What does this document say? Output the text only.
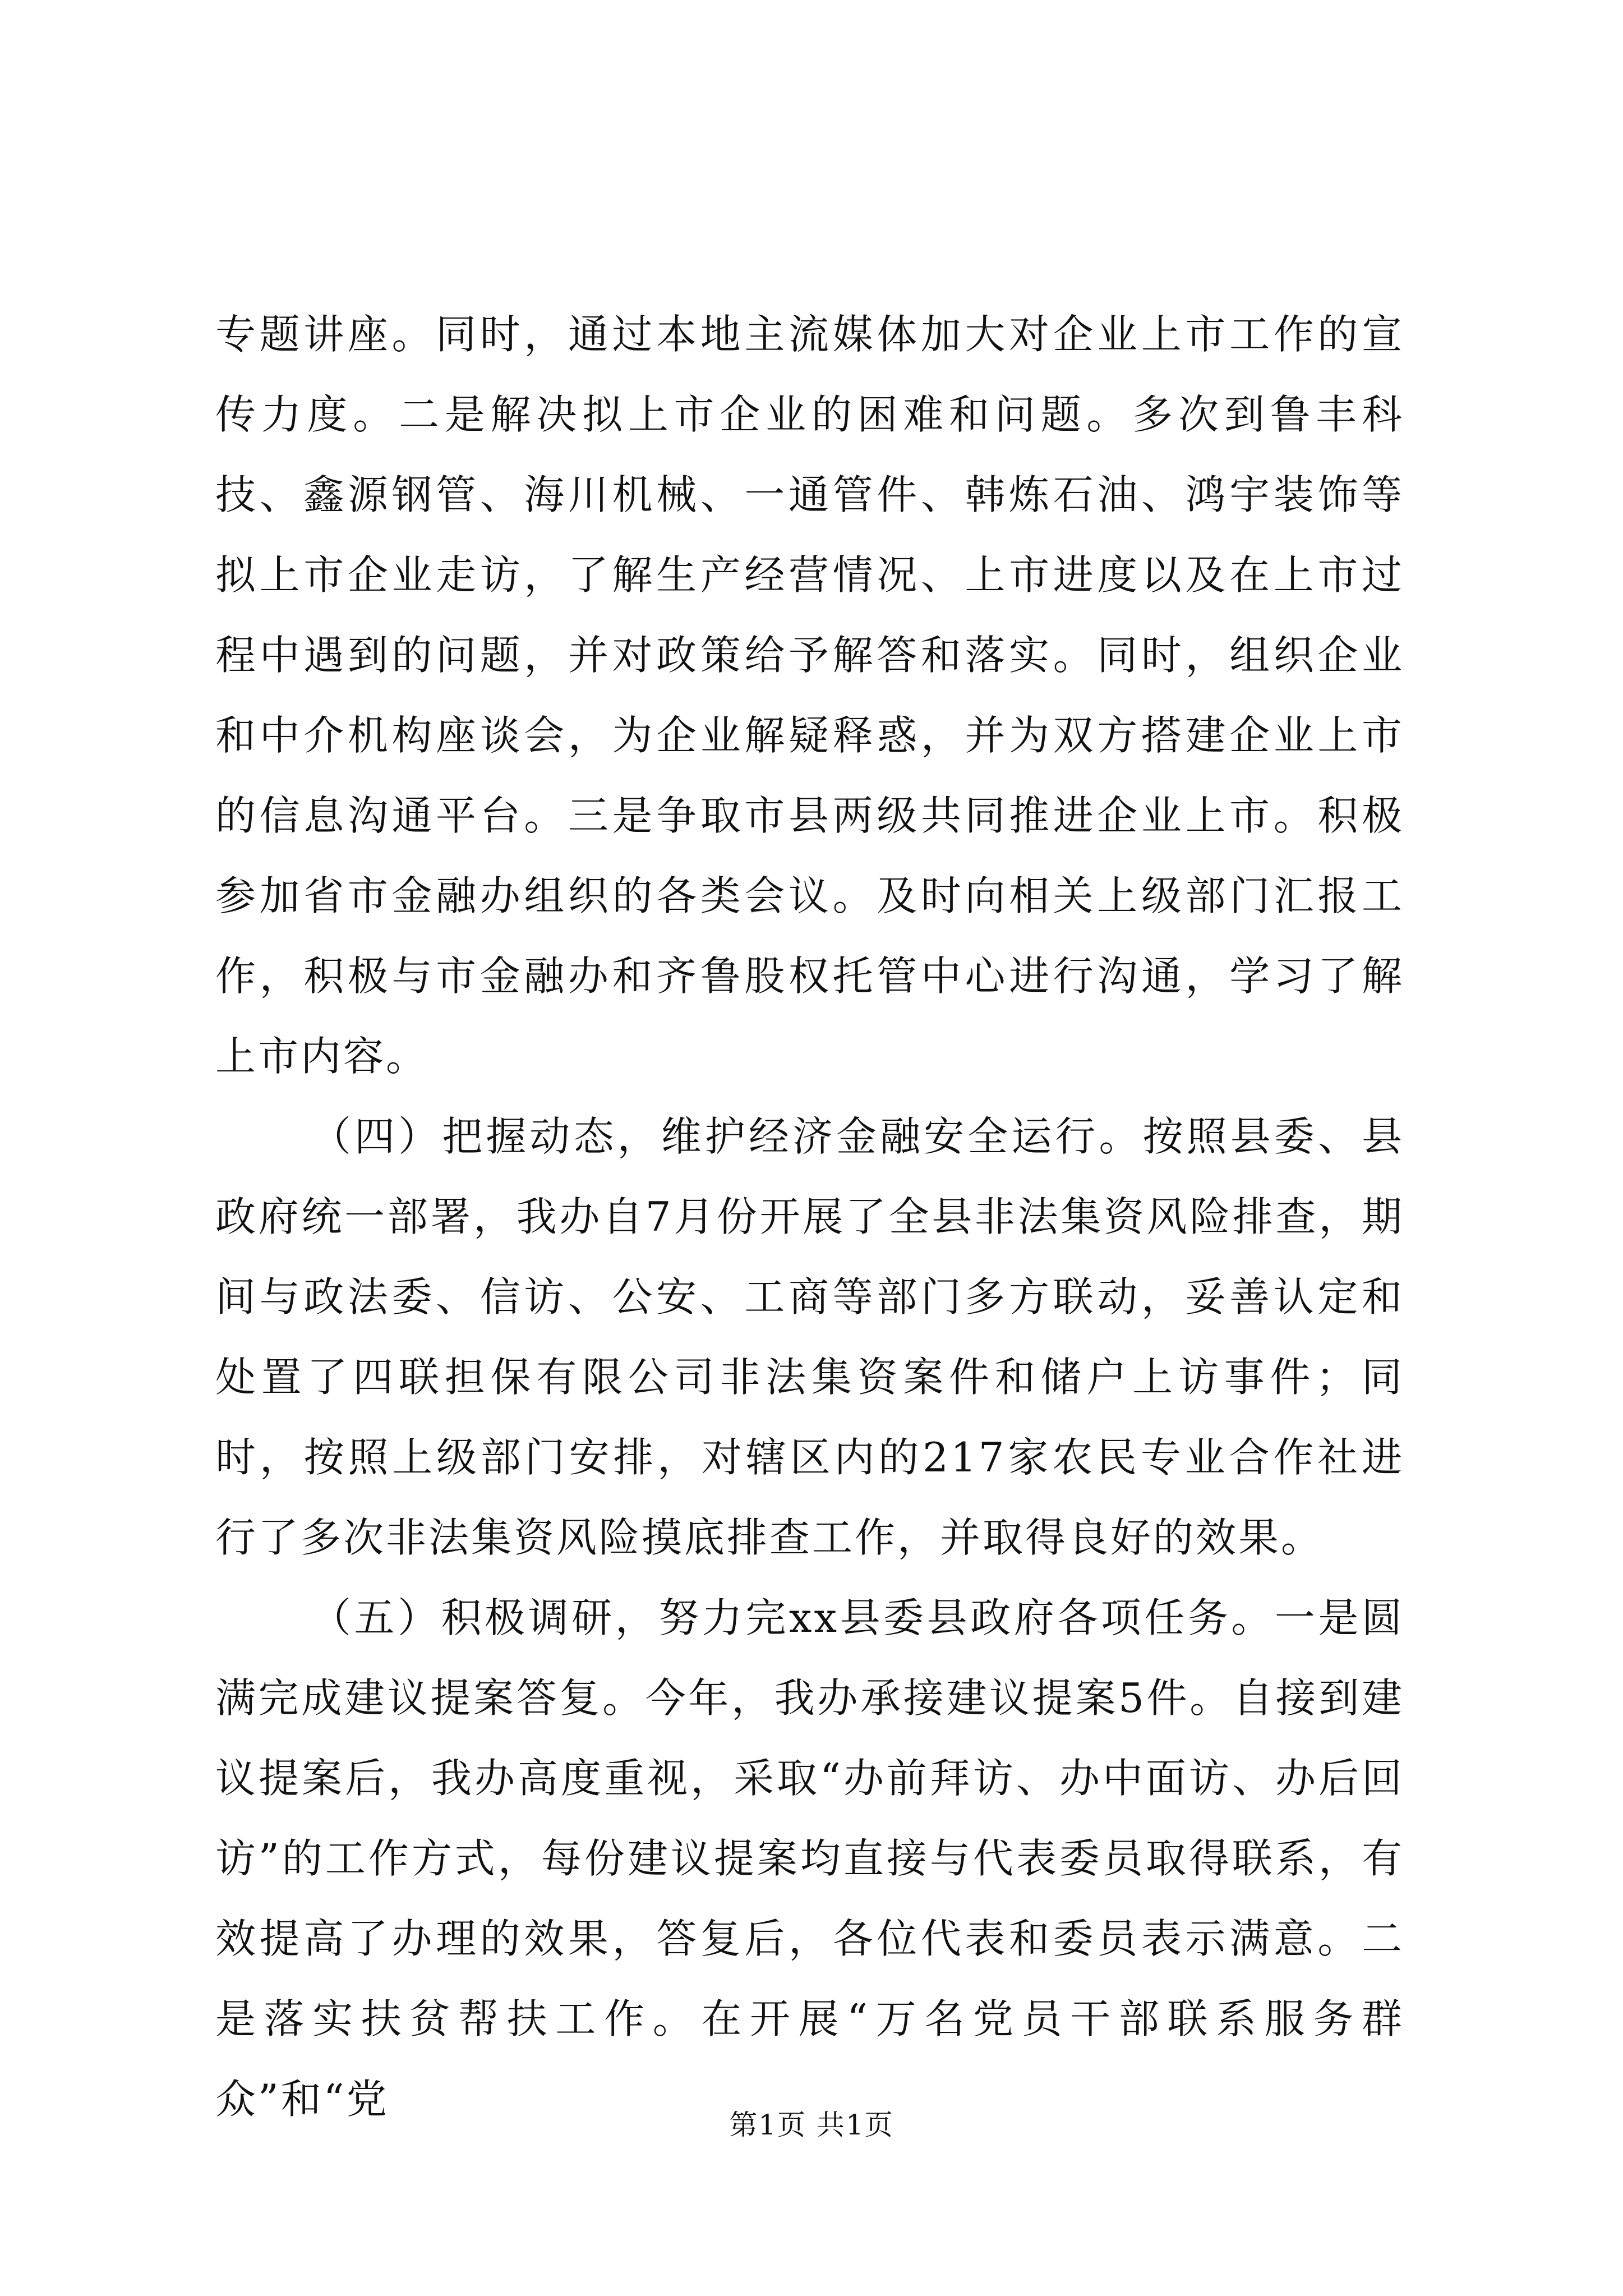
专题讲座。同时，通过本地主流媒体加大对企业上市工作的宣传力度。二是解决拟上市企业的困难和问题。多次到鲁丰科技、鑫源钢管、海川机械、一通管件、韩炼石油、鸿宇装饰等拟上市企业走访，了解生产经营情况、上市进度以及在上市过程中遇到的问题，并对政策给予解答和落实。同时，组织企业和中介机构座谈会，为企业解疑释惑，并为双方搭建企业上市的信息沟通平台。三是争取市县两级共同推进企业上市。积极参加省市金融办组织的各类会议。及时向相关上级部门汇报工作，积极与市金融办和齐鲁股权托管中心进行沟通，学习了解上市内容。

（四）把握动态，维护经济金融安全运行。按照县委、县政府统一部署，我办自7月份开展了全县非法集资风险排查，期间与政法委、信访、公安、工商等部门多方联动，妥善认定和处置了四联担保有限公司非法集资案件和储户上访事件；同时，按照上级部门安排，对辖区内的217家农民专业合作社进行了多次非法集资风险摸底排查工作，并取得良好的效果。

（五）积极调研，努力完xx县委县政府各项任务。一是圆满完成建议提案答复。今年，我办承接建议提案5件。自接到建议提案后，我办高度重视，采取“办前拜访、办中面访、办后回访”的工作方式，每份建议提案均直接与代表委员取得联系，有效提高了办理的效果，答复后，各位代表和委员表示满意。二是落实扶贫帮扶工作。在开展“万名党员干部联系服务群众”和“党

第1页 共1页
